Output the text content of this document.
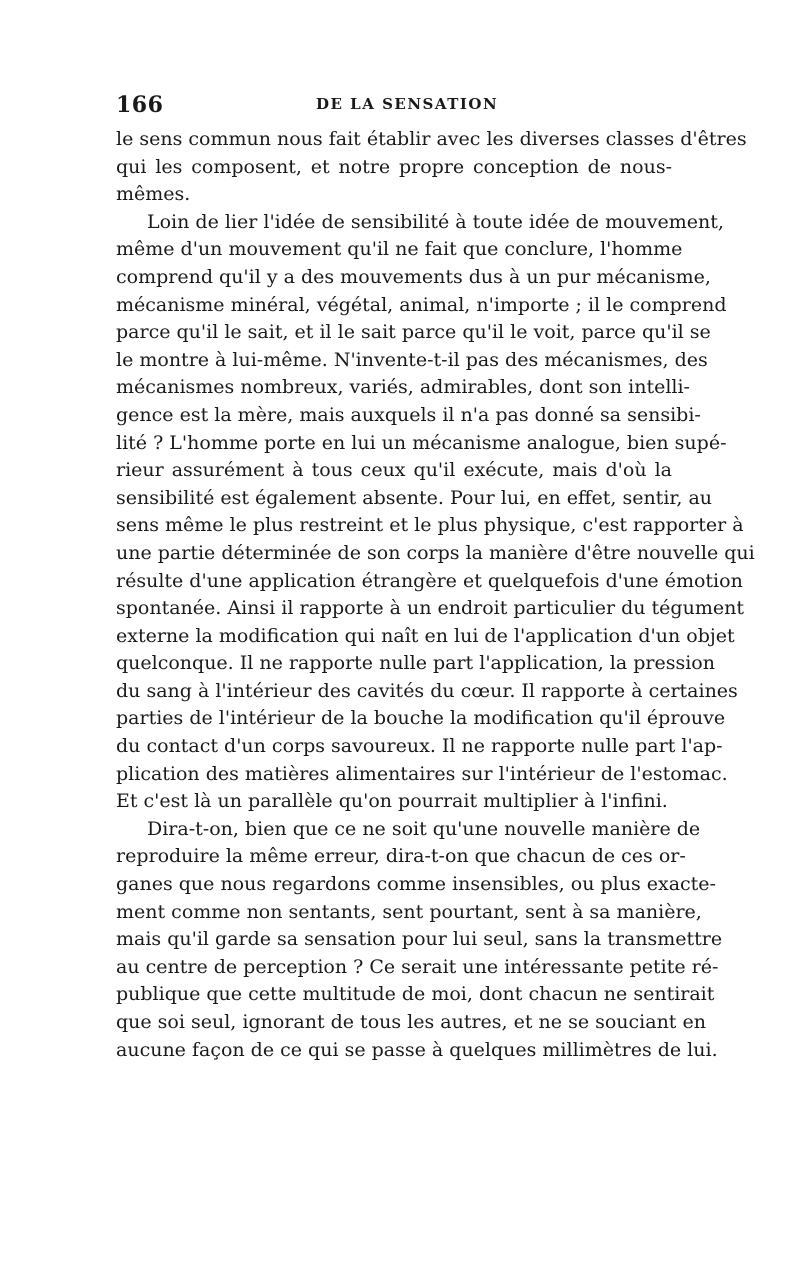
166	DE LA SENSATION
le sens commun nous fait établir avec les diverses classes d'êtres
qui les composent, et notre propre conception de nous-
mêmes.
Loin de lier l'idée de sensibilité à toute idée de mouvement,
même d'un mouvement qu'il ne fait que conclure, l'homme
comprend qu'il y a des mouvements dus à un pur mécanisme,
mécanisme minéral, végétal, animal, n'importe ; il le comprend
parce qu'il le sait, et il le sait parce qu'il le voit, parce qu'il se
le montre à lui-même. N'invente-t-il pas des mécanismes, des
mécanismes nombreux, variés, admirables, dont son intelli-
gence est la mère, mais auxquels il n'a pas donné sa sensibi-
lité ? L'homme porte en lui un mécanisme analogue, bien supé-
rieur assurément à tous ceux qu'il exécute, mais d'où la
sensibilité est également absente. Pour lui, en effet, sentir, au
sens même le plus restreint et le plus physique, c'est rapporter à
une partie déterminée de son corps la manière d'être nouvelle qui
résulte d'une application étrangère et quelquefois d'une émotion
spontanée. Ainsi il rapporte à un endroit particulier du tégument
externe la modification qui naît en lui de l'application d'un objet
quelconque. Il ne rapporte nulle part l'application, la pression
du sang à l'intérieur des cavités du cœur. Il rapporte à certaines
parties de l'intérieur de la bouche la modification qu'il éprouve
du contact d'un corps savoureux. Il ne rapporte nulle part l'ap-
plication des matières alimentaires sur l'intérieur de l'estomac.
Et c'est là un parallèle qu'on pourrait multiplier à l'infini.
Dira-t-on, bien que ce ne soit qu'une nouvelle manière de
reproduire la même erreur, dira-t-on que chacun de ces or-
ganes que nous regardons comme insensibles, ou plus exacte-
ment comme non sentants, sent pourtant, sent à sa manière,
mais qu'il garde sa sensation pour lui seul, sans la transmettre
au centre de perception ? Ce serait une intéressante petite ré-
publique que cette multitude de moi, dont chacun ne sentirait
que soi seul, ignorant de tous les autres, et ne se souciant en
aucune façon de ce qui se passe à quelques millimètres de lui.
